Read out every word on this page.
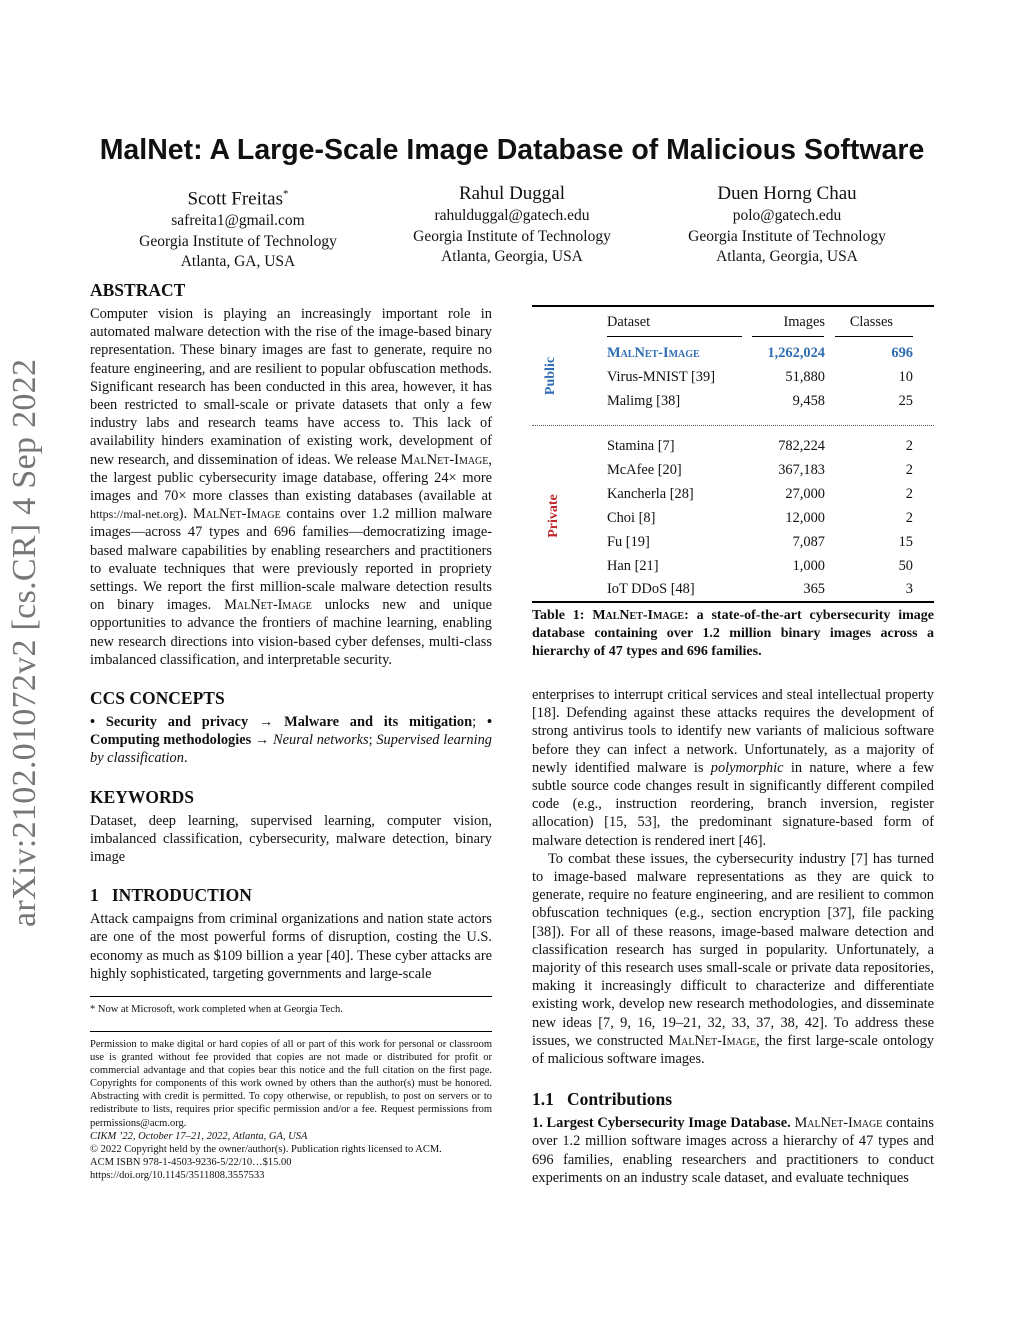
MalNet: A Large-Scale Image Database of Malicious Software
Scott Freitas*
safreita1@gmail.com
Georgia Institute of Technology
Atlanta, GA, USA
Rahul Duggal
rahulduggal@gatech.edu
Georgia Institute of Technology
Atlanta, Georgia, USA
Duen Horng Chau
polo@gatech.edu
Georgia Institute of Technology
Atlanta, Georgia, USA
arXiv:2102.01072v2 [cs.CR] 4 Sep 2022
ABSTRACT

Computer vision is playing an increasingly important role in automated malware detection with the rise of the image-based binary representation. These binary images are fast to generate, require no feature engineering, and are resilient to popular obfuscation methods. Significant research has been conducted in this area, however, it has been restricted to small-scale or private datasets that only a few industry labs and research teams have access to. This lack of availability hinders examination of existing work, development of new research, and dissemination of ideas. We release MalNet-Image, the largest public cybersecurity image database, offering 24× more images and 70× more classes than existing databases (available at https://mal-net.org). MalNet-Image contains over 1.2 million malware images—across 47 types and 696 families—democratizing image-based malware capabilities by enabling researchers and practitioners to evaluate techniques that were previously reported in propriety settings. We report the first million-scale malware detection results on binary images. MalNet-Image unlocks new and unique opportunities to advance the frontiers of machine learning, enabling new research directions into vision-based cyber defenses, multi-class imbalanced classification, and interpretable security.

CCS CONCEPTS

• Security and privacy → Malware and its mitigation; • Computing methodologies → Neural networks; Supervised learning by classification.

KEYWORDS

Dataset, deep learning, supervised learning, computer vision, imbalanced classification, cybersecurity, malware detection, binary image

1   INTRODUCTION

Attack campaigns from criminal organizations and nation state actors are one of the most powerful forms of disruption, costing the U.S. economy as much as $109 billion a year [40]. These cyber attacks are highly sophisticated, targeting governments and large-scale

* Now at Microsoft, work completed when at Georgia Tech.

Permission to make digital or hard copies of all or part of this work for personal or classroom use is granted without fee provided that copies are not made or distributed for profit or commercial advantage and that copies bear this notice and the full citation on the first page. Copyrights for components of this work owned by others than the author(s) must be honored. Abstracting with credit is permitted. To copy otherwise, or republish, to post on servers or to redistribute to lists, requires prior specific permission and/or a fee. Request permissions from permissions@acm.org.

CIKM ’22, October 17–21, 2022, Atlanta, GA, USA

© 2022 Copyright held by the owner/author(s). Publication rights licensed to ACM.

ACM ISBN 978-1-4503-9236-5/22/10…$15.00

https://doi.org/10.1145/3511808.3557533

Dataset	Images Classes
Public
MalNet-Image	1,262,024	696
Virus-MNIST [39]	51,880	10
Malimg [38]	9,458	25
Private
Stamina [7]	782,224	2
McAfee [20]	367,183	2
Kancherla [28]	27,000	2
Choi [8]	12,000	2
Fu [19]	7,087	15
Han [21]	1,000	50
IoT DDoS [48]	365	3
Table 1: MalNet-Image: a state-of-the-art cybersecurity image database containing over 1.2 million binary images across a hierarchy of 47 types and 696 families.

enterprises to interrupt critical services and steal intellectual property [18]. Defending against these attacks requires the development of strong antivirus tools to identify new variants of malicious software before they can infect a network. Unfortunately, as a majority of newly identified malware is polymorphic in nature, where a few subtle source code changes result in significantly different compiled code (e.g., instruction reordering, branch inversion, register allocation) [15, 53], the predominant signature-based form of malware detection is rendered inert [46].

To combat these issues, the cybersecurity industry [7] has turned to image-based malware representations as they are quick to generate, require no feature engineering, and are resilient to common obfuscation techniques (e.g., section encryption [37], file packing [38]). For all of these reasons, image-based malware detection and classification research has surged in popularity. Unfortunately, a majority of this research uses small-scale or private data repositories, making it increasingly difficult to characterize and differentiate existing work, develop new research methodologies, and disseminate new ideas [7, 9, 16, 19–21, 32, 33, 37, 38, 42]. To address these issues, we constructed MalNet-Image, the first large-scale ontology of malicious software images.

1.1   Contributions

1. Largest Cybersecurity Image Database. MalNet-Image contains over 1.2 million software images across a hierarchy of 47 types and 696 families, enabling researchers and practitioners to conduct experiments on an industry scale dataset, and evaluate techniques
